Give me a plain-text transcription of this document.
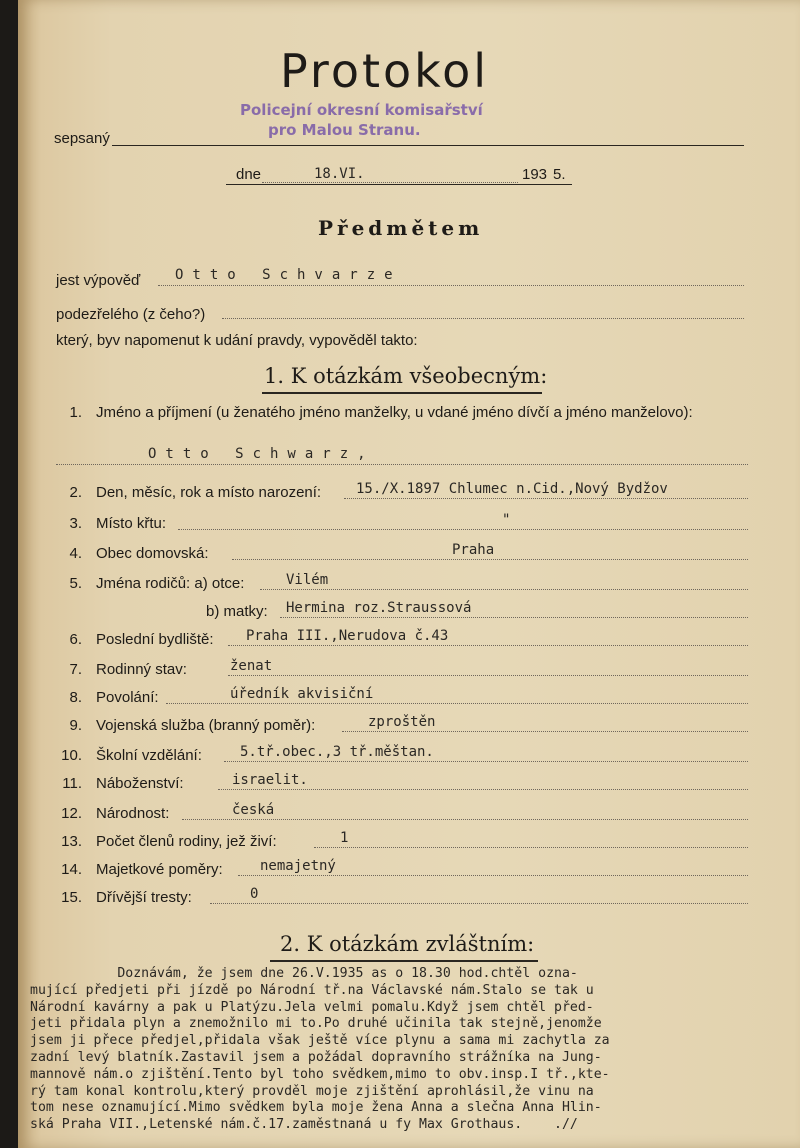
Protokol
Policejní okresní komisařství
pro Malou Stranu.
sepsaný
dne	18.VI.	193 5.
Předmětem
jest výpověď Otto Schvarze
podezřelého (z čeho?)
který, byv napomenut k udání pravdy, vypověděl takto:
1. K otázkám všeobecným:
1. Jméno a příjmení (u ženatého jméno manželky, u vdané jméno dívčí a jméno manželovo):
Otto Schwarz,
2. Den, měsíc, rok a místo narození: 15./X.1897 Chlumec n.Cid.,Nový Bydžov
3. Místo křtu:	"
4. Obec domovská:	Praha
5. Jména rodičů: a) otce:	Vilém
b) matky: Hermina roz.Straussová
6. Poslední bydliště: Praha III.,Nerudova č.43
7. Rodinný stav:	ženat
8. Povolání:	úředník akvisiční
9. Vojenská služba (branný poměr):	zproštěn
10. Školní vzdělání:	5.tř.obec.,3 tř.měštan.
11. Náboženství:	israelit.
12. Národnost:	česká
13. Počet členů rodiny, jež živí:	1
14. Majetkové poměry:	nemajetný
15. Dřívější tresty:	0
2. K otázkám zvláštním:
Doznávám, že jsem dne 26.V.1935 as o 18.30 hod.chtěl ozna-
mující předjeti při jízdě po Národní tř.na Václavské nám.Stalo se tak u
Národní kavárny a pak u Platýzu.Jela velmi pomalu.Když jsem chtěl před-
jeti přidala plyn a znemožnilo mi to.Po druhé učinila tak stejně,jenomže
jsem ji přece předjel,přidala však ještě více plynu a sama mi zachytla za
zadní levý blatník.Zastavil jsem a požádal dopravního strážníka na Jung-
mannově nám.o zjištění.Tento byl toho svědkem,mimo to obv.insp.I tř.,kte-
rý tam konal kontrolu,který provděl moje zjištění aprohlásil,že vinu na
tom nese oznamující.Mimo svědkem byla moje žena Anna a slečna Anna Hlin-
ská Praha VII.,Letenské nám.č.17.zaměstnaná u fy Max Grothaus.    .//
